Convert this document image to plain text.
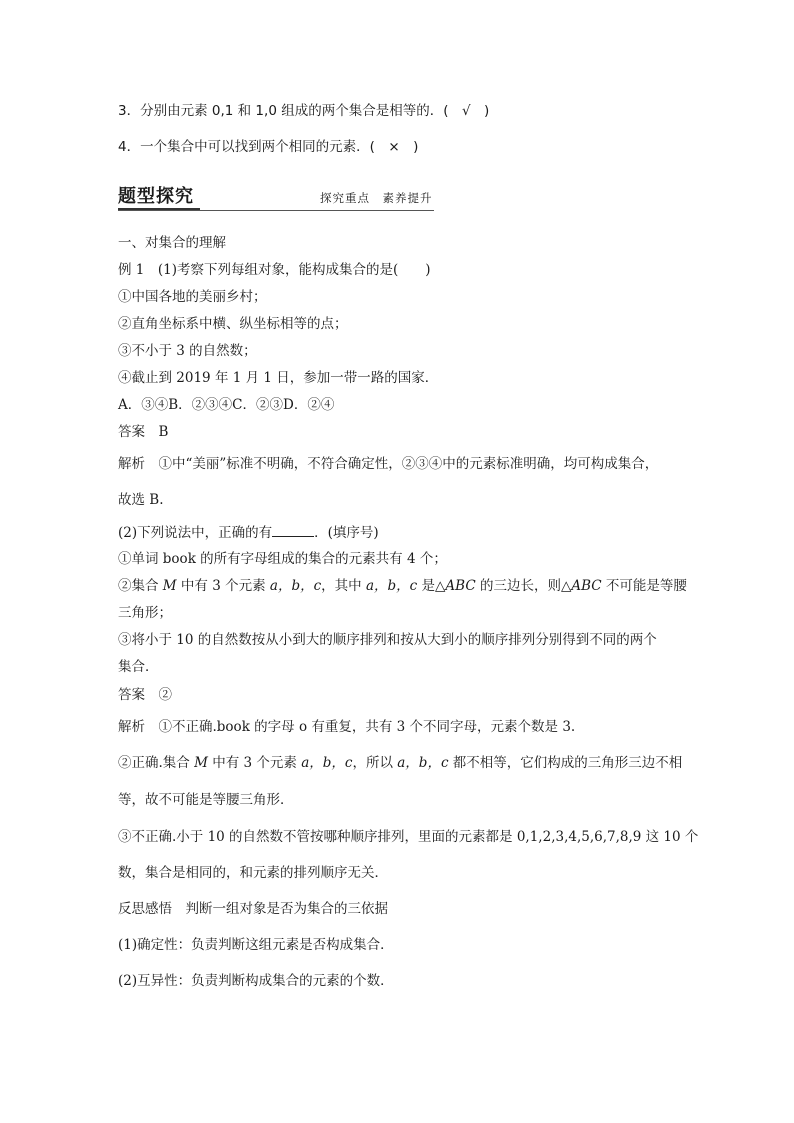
3．分别由元素 0,1 和 1,0 组成的两个集合是相等的．(　√　)
4．一个集合中可以找到两个相同的元素．(　×　)
题型探究	探究重点　素养提升
一、对集合的理解
例 1　(1)考察下列每组对象，能构成集合的是(　　)
①中国各地的美丽乡村；
②直角坐标系中横、纵坐标相等的点；
③不小于 3 的自然数；
④截止到 2019 年 1 月 1 日，参加一带一路的国家．
A．③④B．②③④C．②③D．②④
答案　B
解析　①中“美丽”标准不明确，不符合确定性，②③④中的元素标准明确，均可构成集合，
故选 B.
(2)下列说法中，正确的有	．(填序号)
①单词 book 的所有字母组成的集合的元素共有 4 个；
②集合 M 中有 3 个元素 a，b，c，其中 a，b，c 是△ABC 的三边长，则△ABC 不可能是等腰
三角形；
③将小于 10 的自然数按从小到大的顺序排列和按从大到小的顺序排列分别得到不同的两个
集合．
答案　②
解析　①不正确.book 的字母 o 有重复，共有 3 个不同字母，元素个数是 3.
②正确.集合 M 中有 3 个元素 a，b，c，所以 a，b，c 都不相等，它们构成的三角形三边不相
等，故不可能是等腰三角形．
③不正确.小于 10 的自然数不管按哪种顺序排列，里面的元素都是 0,1,2,3,4,5,6,7,8,9 这 10 个
数，集合是相同的，和元素的排列顺序无关．
反思感悟　判断一组对象是否为集合的三依据
(1)确定性：负责判断这组元素是否构成集合．
(2)互异性：负责判断构成集合的元素的个数．
